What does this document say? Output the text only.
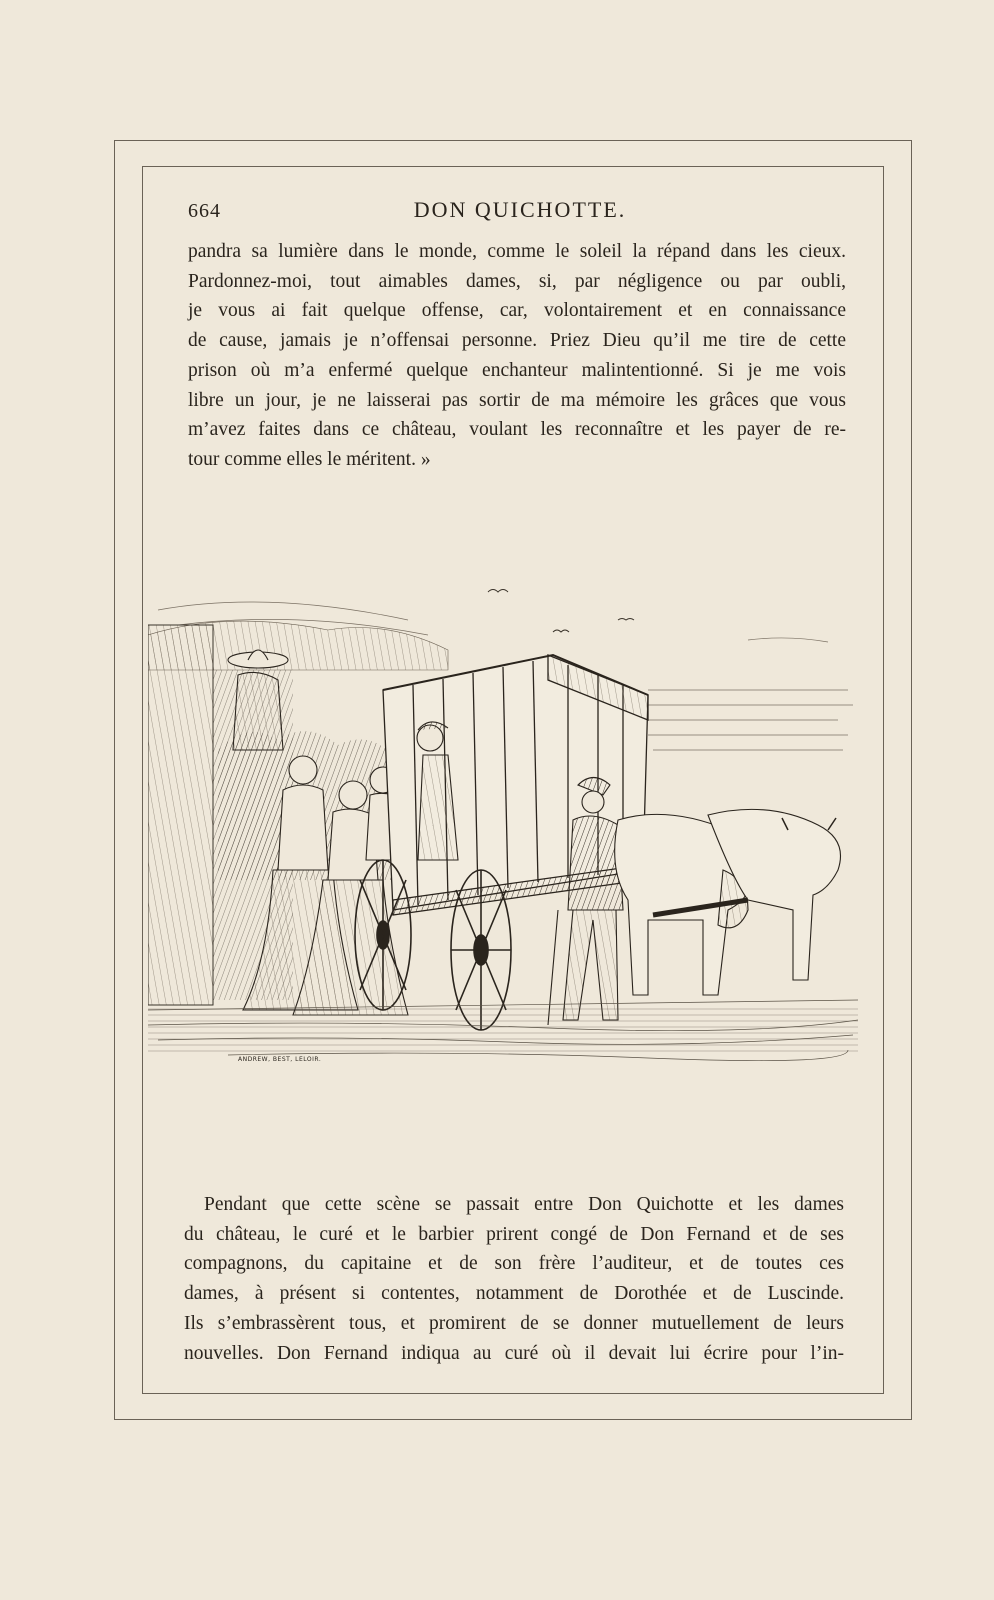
664	DON QUICHOTTE.
pandra sa lumière dans le monde, comme le soleil la répand dans les cieux.
Pardonnez-moi, tout aimables dames, si, par négligence ou par oubli,
je vous ai fait quelque offense, car, volontairement et en connaissance
de cause, jamais je n’offensai personne. Priez Dieu qu’il me tire de cette
prison où m’a enfermé quelque enchanteur malintentionné. Si je me vois
libre un jour, je ne laisserai pas sortir de ma mémoire les grâces que vous
m’avez faites dans ce château, voulant les reconnaître et les payer de re-
tour comme elles le méritent. »
ANDREW, BEST, LELOIR.
Pendant que cette scène se passait entre Don Quichotte et les dames
du château, le curé et le barbier prirent congé de Don Fernand et de ses
compagnons, du capitaine et de son frère l’auditeur, et de toutes ces
dames, à présent si contentes, notamment de Dorothée et de Luscinde.
Ils s’embrassèrent tous, et promirent de se donner mutuellement de leurs
nouvelles. Don Fernand indiqua au curé où il devait lui écrire pour l’in-
